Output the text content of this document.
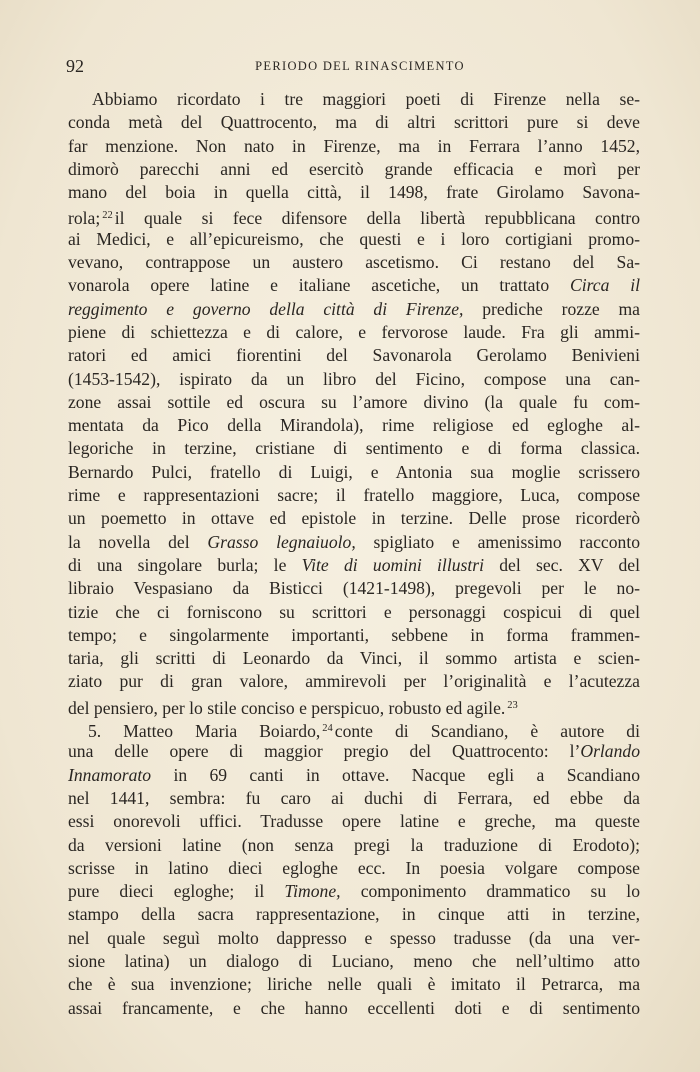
92	PERIODO DEL RINASCIMENTO
Abbiamo ricordato i tre maggiori poeti di Firenze nella se-
conda metà del Quattrocento, ma di altri scrittori pure si deve
far menzione. Non nato in Firenze, ma in Ferrara l’anno 1452,
dimorò parecchi anni ed esercitò grande efficacia e morì per
mano del boia in quella città, il 1498, frate Girolamo Savona-
rola; $^{22}$ il quale si fece difensore della libertà repubblicana contro
ai Medici, e all’epicureismo, che questi e i loro cortigiani promo-
vevano, contrappose un austero ascetismo. Ci restano del Sa-
vonarola opere latine e italiane ascetiche, un trattato Circa il
reggimento e governo della città di Firenze, prediche rozze ma
piene di schiettezza e di calore, e fervorose laude. Fra gli ammi-
ratori ed amici fiorentini del Savonarola Gerolamo Benivieni
(1453-1542), ispirato da un libro del Ficino, compose una can-
zone assai sottile ed oscura su l’amore divino (la quale fu com-
mentata da Pico della Mirandola), rime religiose ed egloghe al-
legoriche in terzine, cristiane di sentimento e di forma classica.
Bernardo Pulci, fratello di Luigi, e Antonia sua moglie scrissero
rime e rappresentazioni sacre; il fratello maggiore, Luca, compose
un poemetto in ottave ed epistole in terzine. Delle prose ricorderò
la novella del Grasso legnaiuolo, spigliato e amenissimo racconto
di una singolare burla; le Vite di uomini illustri del sec. XV del
libraio Vespasiano da Bisticci (1421-1498), pregevoli per le no-
tizie che ci forniscono su scrittori e personaggi cospicui di quel
tempo; e singolarmente importanti, sebbene in forma frammen-
taria, gli scritti di Leonardo da Vinci, il sommo artista e scien-
ziato pur di gran valore, ammirevoli per l’originalità e l’acutezza
del pensiero, per lo stile conciso e perspicuo, robusto ed agile. $^{23}$
5. Matteo Maria Boiardo, $^{24}$ conte di Scandiano, è autore di
una delle opere di maggior pregio del Quattrocento: l’Orlando
Innamorato in 69 canti in ottave. Nacque egli a Scandiano
nel 1441, sembra: fu caro ai duchi di Ferrara, ed ebbe da
essi onorevoli uffici. Tradusse opere latine e greche, ma queste
da versioni latine (non senza pregi la traduzione di Erodoto);
scrisse in latino dieci egloghe ecc. In poesia volgare compose
pure dieci egloghe; il Timone, componimento drammatico su lo
stampo della sacra rappresentazione, in cinque atti in terzine,
nel quale seguì molto dappresso e spesso tradusse (da una ver-
sione latina) un dialogo di Luciano, meno che nell’ultimo atto
che è sua invenzione; liriche nelle quali è imitato il Petrarca, ma
assai francamente, e che hanno eccellenti doti e di sentimento
